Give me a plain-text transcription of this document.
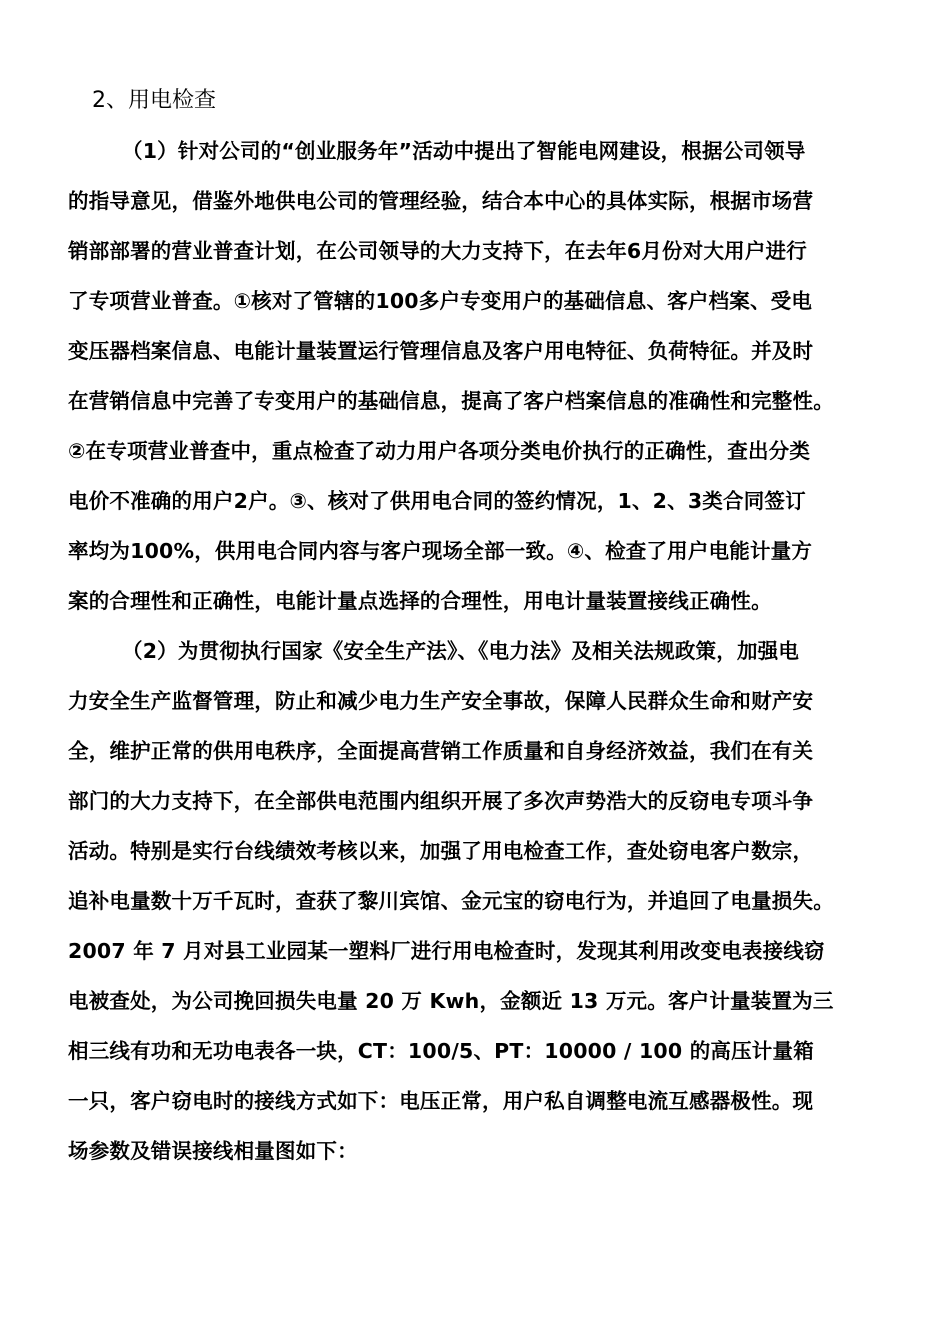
2、用电检查
（1）针对公司的“创业服务年”活动中提出了智能电网建设，根据公司领导
的指导意见，借鉴外地供电公司的管理经验，结合本中心的具体实际，根据市场营
销部部署的营业普查计划，在公司领导的大力支持下，在去年6月份对大用户进行
了专项营业普查。①核对了管辖的100多户专变用户的基础信息、客户档案、受电
变压器档案信息、电能计量装置运行管理信息及客户用电特征、负荷特征。并及时
在营销信息中完善了专变用户的基础信息，提高了客户档案信息的准确性和完整性。
②在专项营业普查中，重点检查了动力用户各项分类电价执行的正确性，查出分类
电价不准确的用户2户。③、核对了供用电合同的签约情况，1、2、3类合同签订
率均为100%，供用电合同内容与客户现场全部一致。④、检查了用户电能计量方
案的合理性和正确性，电能计量点选择的合理性，用电计量装置接线正确性。
（2）为贯彻执行国家《安全生产法》、《电力法》及相关法规政策，加强电
力安全生产监督管理，防止和减少电力生产安全事故，保障人民群众生命和财产安
全，维护正常的供用电秩序，全面提高营销工作质量和自身经济效益，我们在有关
部门的大力支持下，在全部供电范围内组织开展了多次声势浩大的反窃电专项斗争
活动。特别是实行台线绩效考核以来，加强了用电检查工作，查处窃电客户数宗，
追补电量数十万千瓦时，查获了黎川宾馆、金元宝的窃电行为，并追回了电量损失。
2007 年 7 月对县工业园某一塑料厂进行用电检查时，发现其利用改变电表接线窃
电被查处，为公司挽回损失电量 20 万 Kwh，金额近 13 万元。客户计量装置为三
相三线有功和无功电表各一块，CT：100/5、PT：10000 / 100 的高压计量箱
一只，客户窃电时的接线方式如下：电压正常，用户私自调整电流互感器极性。现
场参数及错误接线相量图如下：
